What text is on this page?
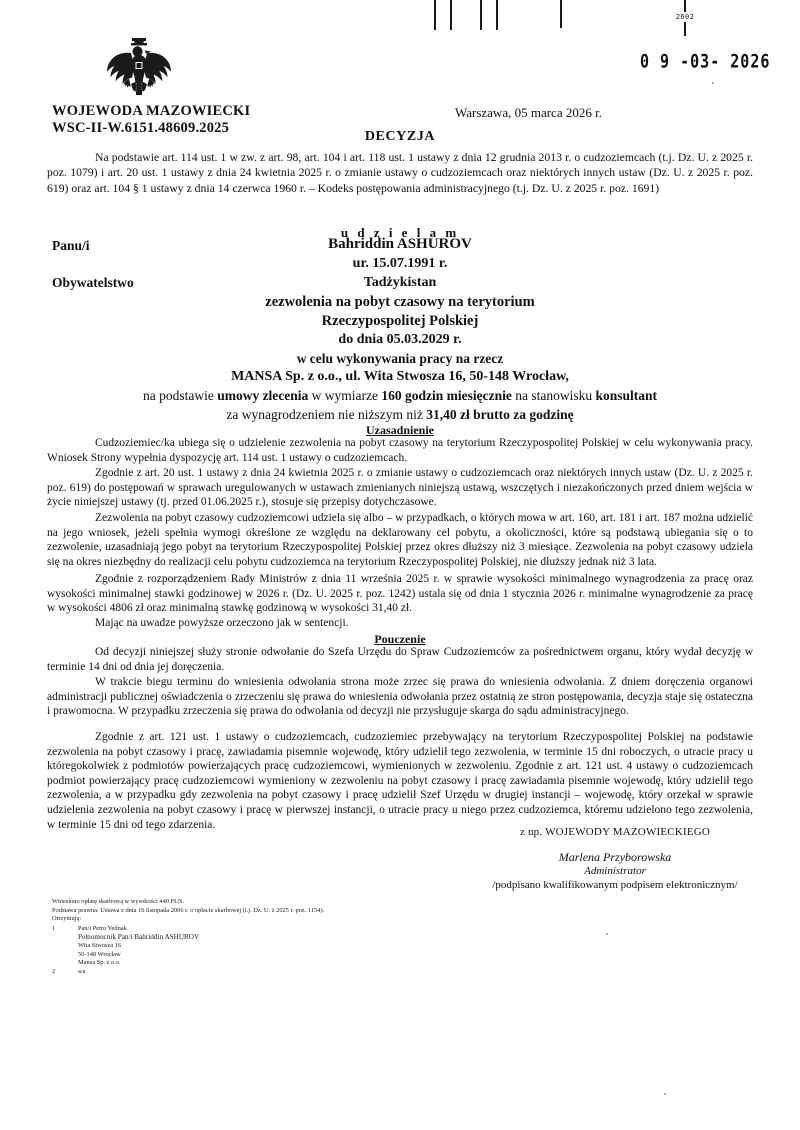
2602
0 9 -03- 2026
WOJEWODA MAZOWIECKI
WSC-II-W.6151.48609.2025
Warszawa, 05 marca 2026 r.
DECYZJA
Na podstawie art. 114 ust. 1 w zw. z art. 98, art. 104 i art. 118 ust. 1 ustawy z dnia 12 grudnia 2013 r. o cudzoziemcach (t.j. Dz. U. z 2025 r. poz. 1079) i art. 20 ust. 1 ustawy z dnia 24 kwietnia 2025 r. o zmianie ustawy o cudzoziemcach oraz niektórych innych ustaw (Dz. U. z 2025 r. poz. 619) oraz art. 104 § 1 ustawy z dnia 14 czerwca 1960 r. – Kodeks postępowania administracyjnego (t.j. Dz. U. z 2025 r. poz. 1691)
u d z i e l a m
Panu/i
Obywatelstwo
Bahriddin ASHUROV
ur. 15.07.1991 r.
Tadżykistan
zezwolenia na pobyt czasowy na terytorium
Rzeczypospolitej Polskiej
do dnia 05.03.2029 r.
w celu wykonywania pracy na rzecz
MANSA Sp. z o.o., ul. Wita Stwosza 16, 50-148 Wrocław,
na podstawie umowy zlecenia w wymiarze 160 godzin miesięcznie na stanowisku konsultant
za wynagrodzeniem nie niższym niż 31,40 zł brutto za godzinę
Uzasadnienie
Cudzoziemiec/ka ubiega się o udzielenie zezwolenia na pobyt czasowy na terytorium Rzeczypospolitej Polskiej w celu wykonywania pracy. Wniosek Strony wypełnia dyspozycję art. 114 ust. 1 ustawy o cudzoziemcach.
Zgodnie z art. 20 ust. 1 ustawy z dnia 24 kwietnia 2025 r. o zmianie ustawy o cudzoziemcach oraz niektórych innych ustaw (Dz. U. z 2025 r. poz. 619) do postępowań w sprawach uregulowanych w ustawach zmienianych niniejszą ustawą, wszczętych i niezakończonych przed dniem wejścia w życie niniejszej ustawy (tj. przed 01.06.2025 r.), stosuje się przepisy dotychczasowe.
Zezwolenia na pobyt czasowy cudzoziemcowi udziela się albo – w przypadkach, o których mowa w art. 160, art. 181 i art. 187 można udzielić na jego wniosek, jeżeli spełnia wymogi określone ze względu na deklarowany cel pobytu, a okoliczności, które są podstawą ubiegania się o to zezwolenie, uzasadniają jego pobyt na terytorium Rzeczypospolitej Polskiej przez okres dłuższy niż 3 miesiące. Zezwolenia na pobyt czasowy udziela się na okres niezbędny do realizacji celu pobytu cudzoziemca na terytorium Rzeczypospolitej Polskiej, nie dłuższy jednak niż 3 lata.
Zgodnie z rozporządzeniem Rady Ministrów z dnia 11 września 2025 r. w sprawie wysokości minimalnego wynagrodzenia za pracę oraz wysokości minimalnej stawki godzinowej w 2026 r. (Dz. U. 2025 r. poz. 1242) ustala się od dnia 1 stycznia 2026 r. minimalne wynagrodzenie za pracę w wysokości 4806 zł oraz minimalną stawkę godzinową w wysokości 31,40 zł.
Mając na uwadze powyższe orzeczono jak w sentencji.
Pouczenie
Od decyzji niniejszej służy stronie odwołanie do Szefa Urzędu do Spraw Cudzoziemców za pośrednictwem organu, który wydał decyzję w terminie 14 dni od dnia jej doręczenia.
W trakcie biegu terminu do wniesienia odwołania strona może zrzec się prawa do wniesienia odwołania. Z dniem doręczenia organowi administracji publicznej oświadczenia o zrzeczeniu się prawa do wniesienia odwołania przez ostatnią ze stron postępowania, decyzja staje się ostateczna i prawomocna. W przypadku zrzeczenia się prawa do odwołania od decyzji nie przysługuje skarga do sądu administracyjnego.
Zgodnie z art. 121 ust. 1 ustawy o cudzoziemcach, cudzoziemiec przebywający na terytorium Rzeczypospolitej Polskiej na podstawie zezwolenia na pobyt czasowy i pracę, zawiadamia pisemnie wojewodę, który udzielił tego zezwolenia, w terminie 15 dni roboczych, o utracie pracy u któregokolwiek z podmiotów powierzających pracę cudzoziemcowi, wymienionych w zezwoleniu. Zgodnie z art. 121 ust. 4 ustawy o cudzoziemcach podmiot powierzający pracę cudzoziemcowi wymieniony w zezwoleniu na pobyt czasowy i pracę zawiadamia pisemnie wojewodę, który udzielił tego zezwolenia, a w przypadku gdy zezwolenia na pobyt czasowy i pracę udzielił Szef Urzędu w drugiej instancji – wojewodę, który orzekał w sprawie udzielenia zezwolenia na pobyt czasowy i pracę w pierwszej instancji, o utracie pracy u niego przez cudzoziemca, któremu udzielono tego zezwolenia, w terminie 15 dni od tego zdarzenia.
z up. WOJEWODY MAZOWIECKIEGO
Marlena Przyborowska
Administrator
/podpisano kwalifikowanym podpisem elektronicznym/
Wniesiono opłatę skarbową w wysokości 440 PLN.
Podstawa prawna: Ustawa z dnia 16 listopada 2006 r. o opłacie skarbowej (t.j. Dz. U. z 2025 r. poz. 1154).
Otrzymują:
1	Pan/i Petro Yednak
Pełnomocnik Pan/i Bahriddin ASHUROV
Wita Stwosza 16
50-148 Wrocław
Mansa Sp. z o.o.
2	a/a
